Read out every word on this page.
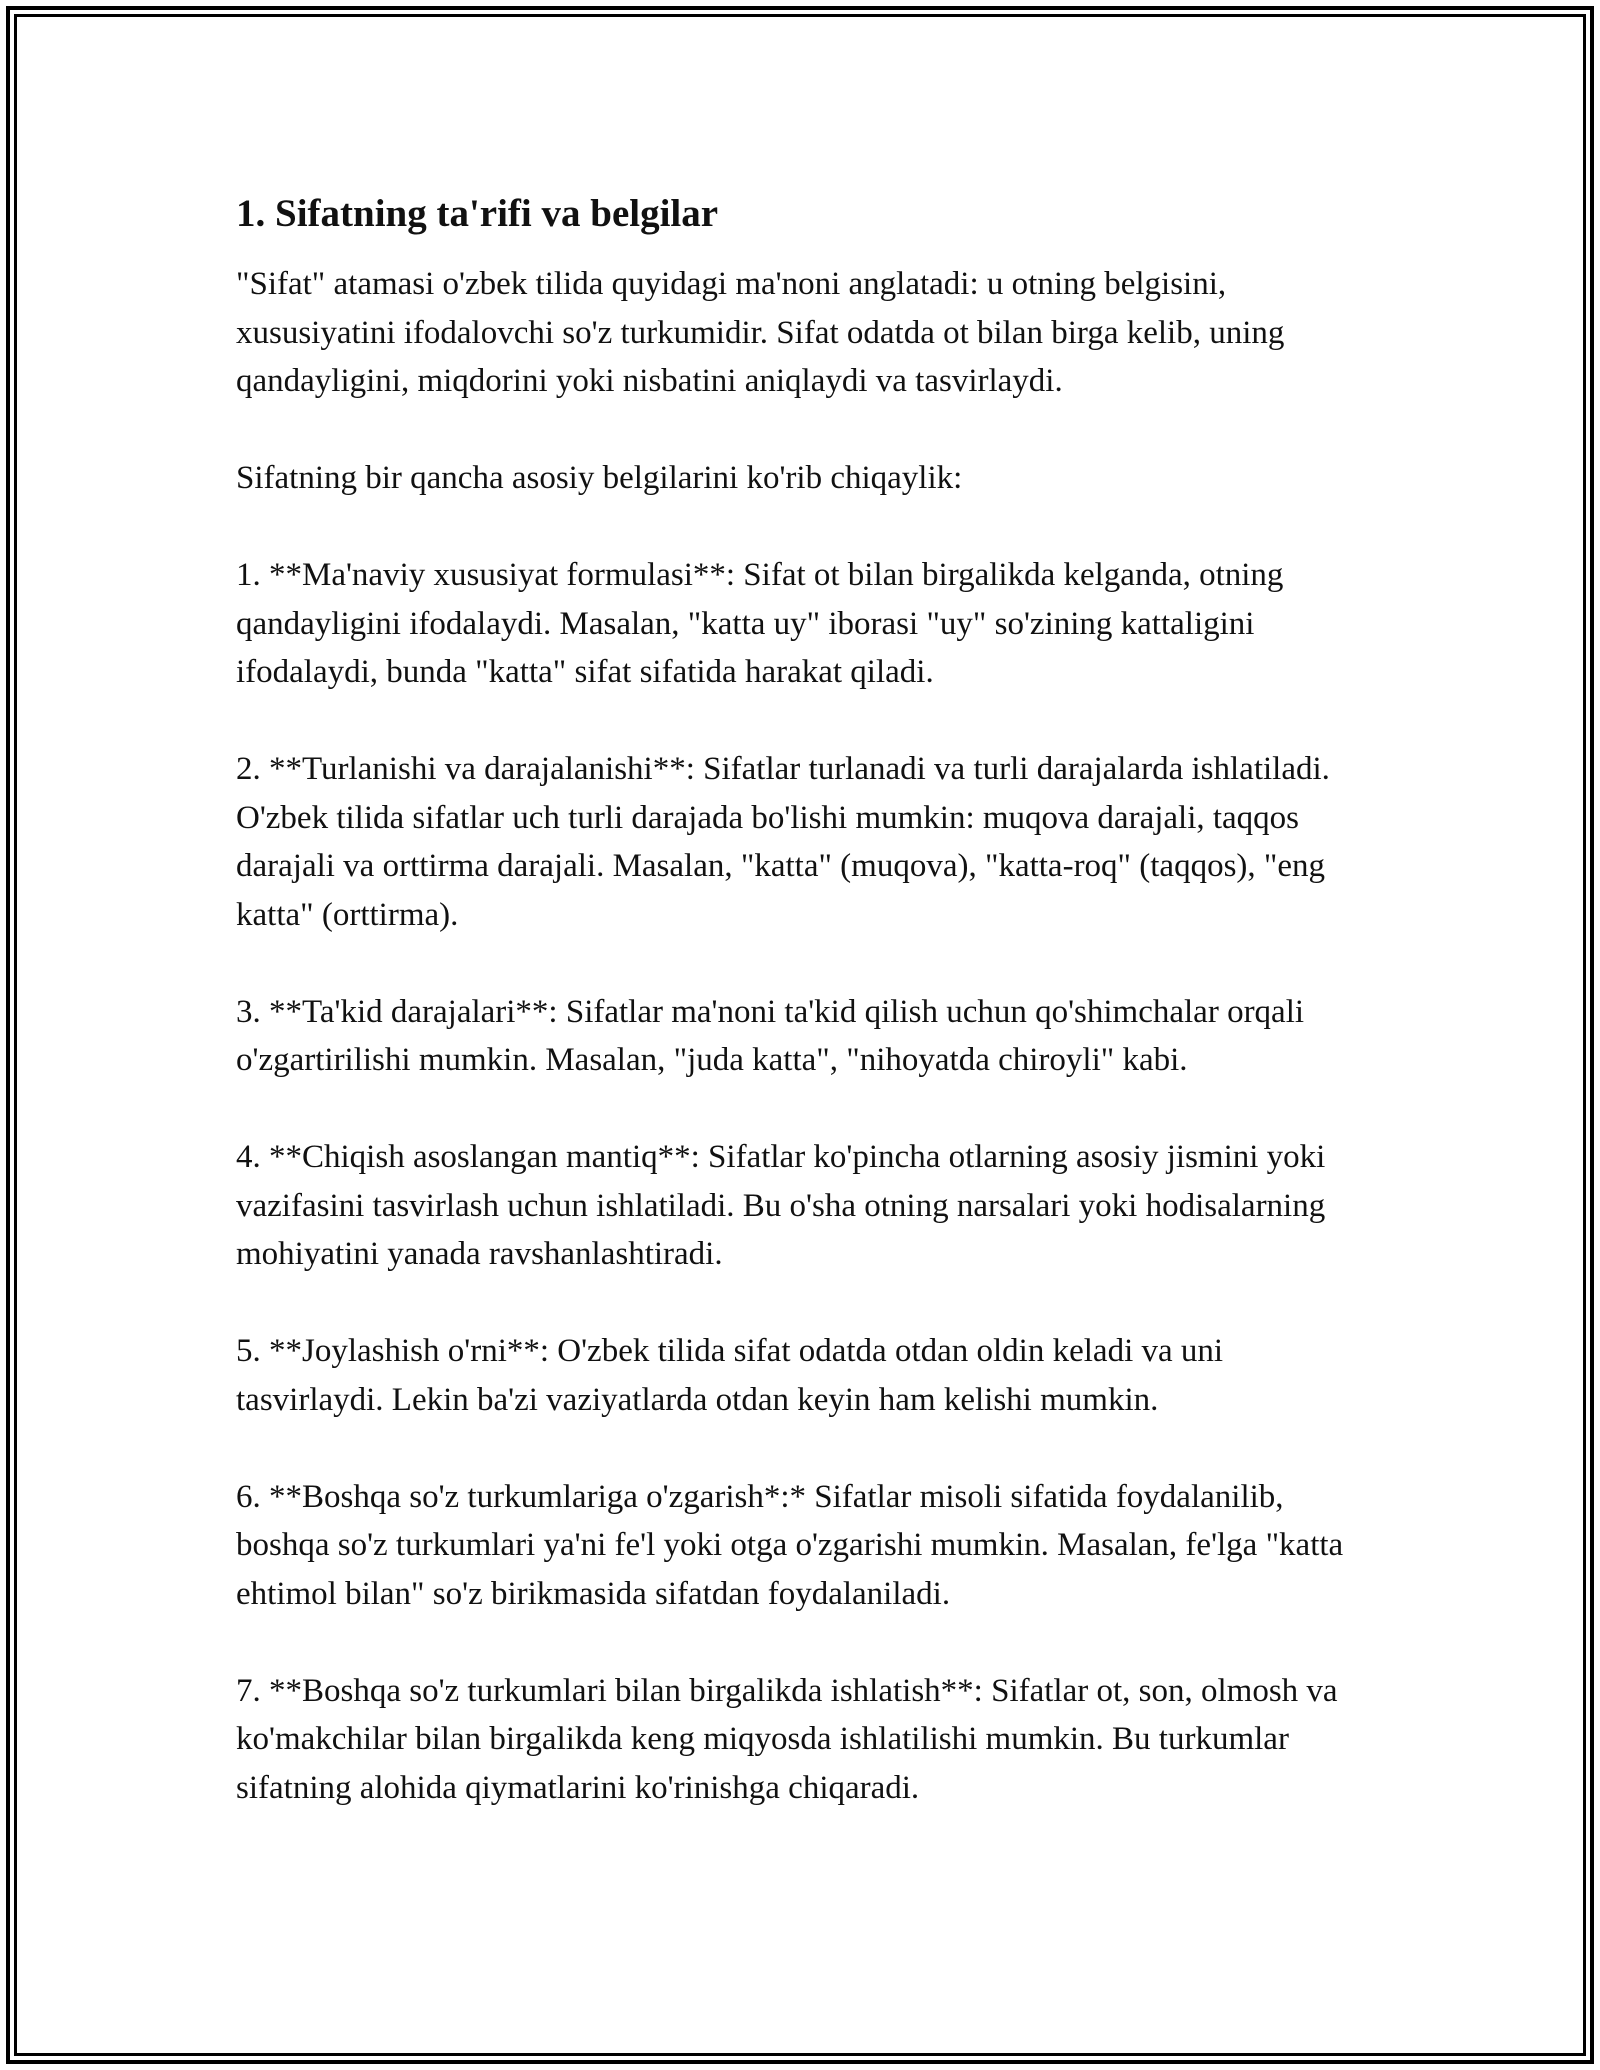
1. Sifatning ta'rifi va belgilar

"Sifat" atamasi o'zbek tilida quyidagi ma'noni anglatadi: u otning belgisini, xususiyatini ifodalovchi so'z turkumidir. Sifat odatda ot bilan birga kelib, uning qandayligini, miqdorini yoki nisbatini aniqlaydi va tasvirlaydi.

Sifatning bir qancha asosiy belgilarini ko'rib chiqaylik:

1. **Ma'naviy xususiyat formulasi**: Sifat ot bilan birgalikda kelganda, otning qandayligini ifodalaydi. Masalan, "katta uy" iborasi "uy" so'zining kattaligini ifodalaydi, bunda "katta" sifat sifatida harakat qiladi.

2. **Turlanishi va darajalanishi**: Sifatlar turlanadi va turli darajalarda ishlatiladi. O'zbek tilida sifatlar uch turli darajada bo'lishi mumkin: muqova darajali, taqqos darajali va orttirma darajali. Masalan, "katta" (muqova), "katta-roq" (taqqos), "eng katta" (orttirma).

3. **Ta'kid darajalari**: Sifatlar ma'noni ta'kid qilish uchun qo'shimchalar orqali o'zgartirilishi mumkin. Masalan, "juda katta", "nihoyatda chiroyli" kabi.

4. **Chiqish asoslangan mantiq**: Sifatlar ko'pincha otlarning asosiy jismini yoki vazifasini tasvirlash uchun ishlatiladi. Bu o'sha otning narsalari yoki hodisalarning mohiyatini yanada ravshanlashtiradi.

5. **Joylashish o'rni**: O'zbek tilida sifat odatda otdan oldin keladi va uni tasvirlaydi. Lekin ba'zi vaziyatlarda otdan keyin ham kelishi mumkin.

6. **Boshqa so'z turkumlariga o'zgarish*:* Sifatlar misoli sifatida foydalanilib, boshqa so'z turkumlari ya'ni fe'l yoki otga o'zgarishi mumkin. Masalan, fe'lga "katta ehtimol bilan" so'z birikmasida sifatdan foydalaniladi.

7. **Boshqa so'z turkumlari bilan birgalikda ishlatish**: Sifatlar ot, son, olmosh va ko'makchilar bilan birgalikda keng miqyosda ishlatilishi mumkin. Bu turkumlar sifatning alohida qiymatlarini ko'rinishga chiqaradi.
